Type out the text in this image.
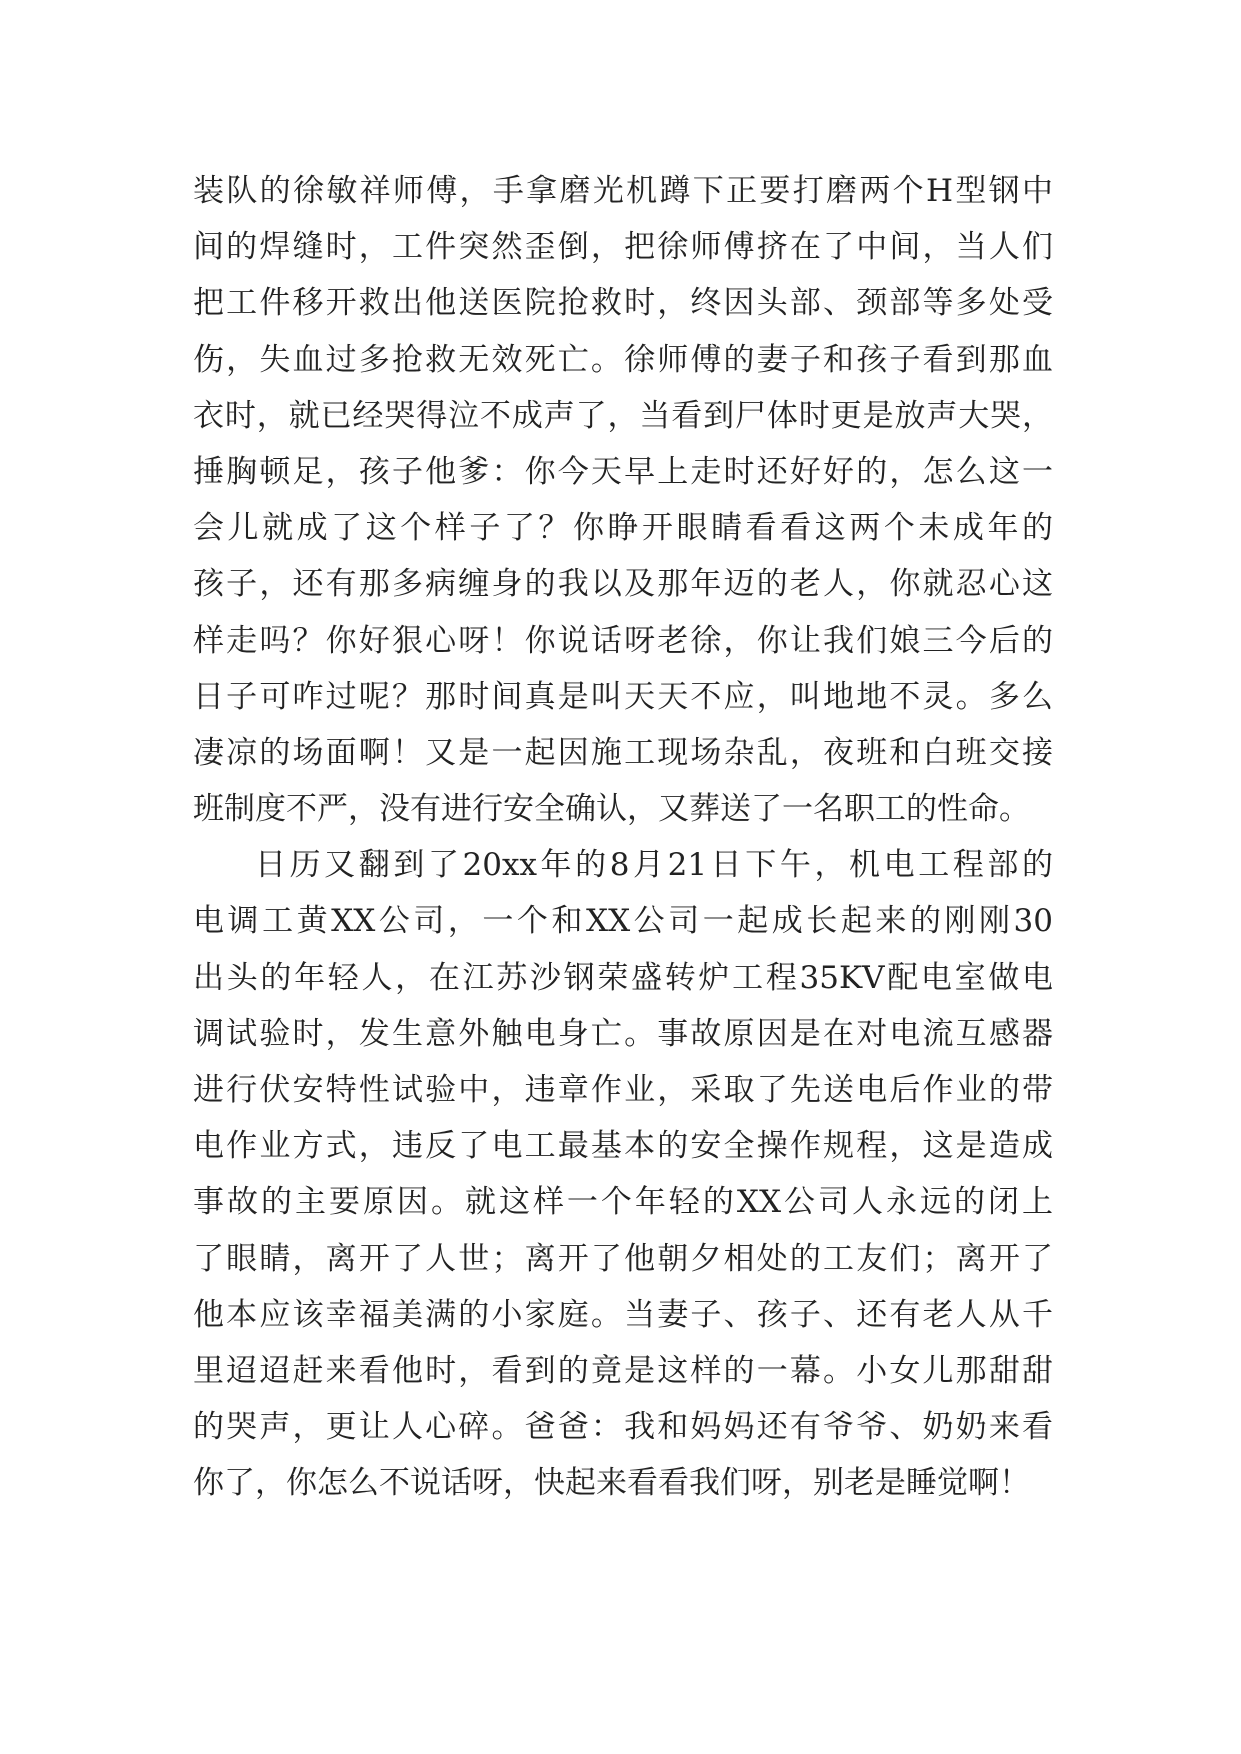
装队的徐敏祥师傅，手拿磨光机蹲下正要打磨两个H型钢中
间的焊缝时，工件突然歪倒，把徐师傅挤在了中间，当人们
把工件移开救出他送医院抢救时，终因头部、颈部等多处受
伤，失血过多抢救无效死亡。徐师傅的妻子和孩子看到那血
衣时，就已经哭得泣不成声了，当看到尸体时更是放声大哭，
捶胸顿足，孩子他爹：你今天早上走时还好好的，怎么这一
会儿就成了这个样子了？你睁开眼睛看看这两个未成年的
孩子，还有那多病缠身的我以及那年迈的老人，你就忍心这
样走吗？你好狠心呀！你说话呀老徐，你让我们娘三今后的
日子可咋过呢？那时间真是叫天天不应，叫地地不灵。多么
凄凉的场面啊！又是一起因施工现场杂乱，夜班和白班交接
班制度不严，没有进行安全确认，又葬送了一名职工的性命。
日历又翻到了20xx年的8月21日下午，机电工程部的
电调工黄XX公司，一个和XX公司一起成长起来的刚刚30
出头的年轻人，在江苏沙钢荣盛转炉工程35KV配电室做电
调试验时，发生意外触电身亡。事故原因是在对电流互感器
进行伏安特性试验中，违章作业，采取了先送电后作业的带
电作业方式，违反了电工最基本的安全操作规程，这是造成
事故的主要原因。就这样一个年轻的XX公司人永远的闭上
了眼睛，离开了人世；离开了他朝夕相处的工友们；离开了
他本应该幸福美满的小家庭。当妻子、孩子、还有老人从千
里迢迢赶来看他时，看到的竟是这样的一幕。小女儿那甜甜
的哭声，更让人心碎。爸爸：我和妈妈还有爷爷、奶奶来看
你了，你怎么不说话呀，快起来看看我们呀，别老是睡觉啊！
